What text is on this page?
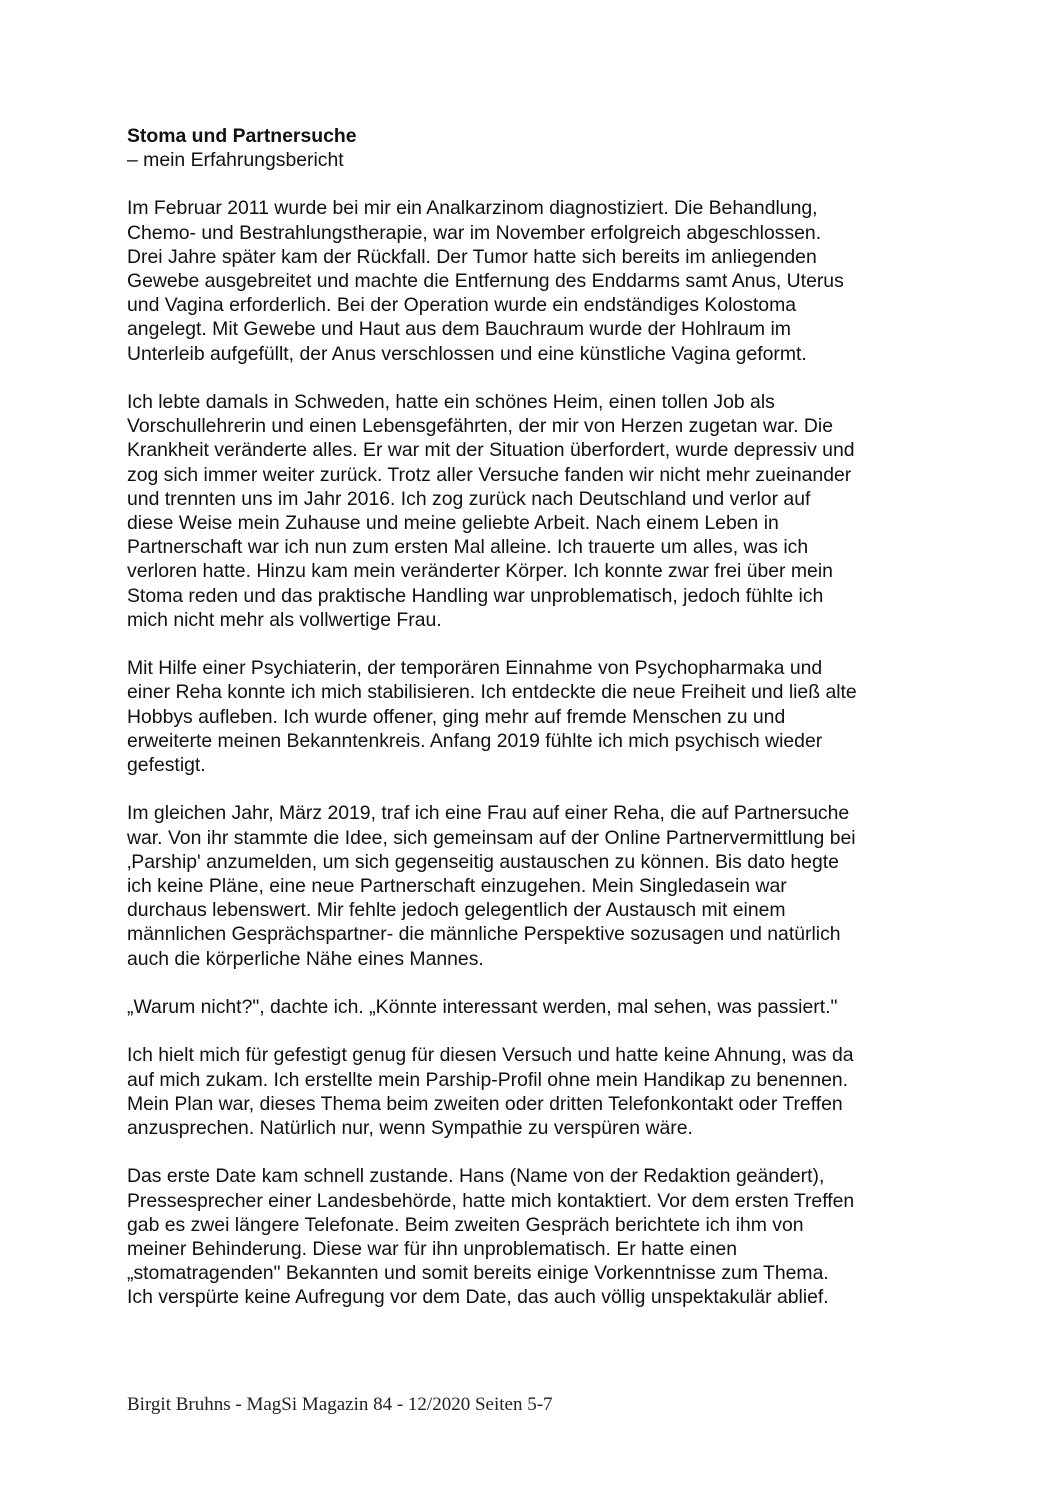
Stoma und Partnersuche

– mein Erfahrungsbericht

Im Februar 2011 wurde bei mir ein Analkarzinom diagnostiziert. Die Behandlung,
Chemo- und Bestrahlungstherapie, war im November erfolgreich abgeschlossen.
Drei Jahre später kam der Rückfall. Der Tumor hatte sich bereits im anliegenden
Gewebe ausgebreitet und machte die Entfernung des Enddarms samt Anus, Uterus
und Vagina erforderlich. Bei der Operation wurde ein endständiges Kolostoma
angelegt. Mit Gewebe und Haut aus dem Bauchraum wurde der Hohlraum im
Unterleib aufgefüllt, der Anus verschlossen und eine künstliche Vagina geformt.

Ich lebte damals in Schweden, hatte ein schönes Heim, einen tollen Job als
Vorschullehrerin und einen Lebensgefährten, der mir von Herzen zugetan war. Die
Krankheit veränderte alles. Er war mit der Situation überfordert, wurde depressiv und
zog sich immer weiter zurück. Trotz aller Versuche fanden wir nicht mehr zueinander
und trennten uns im Jahr 2016. Ich zog zurück nach Deutschland und verlor auf
diese Weise mein Zuhause und meine geliebte Arbeit. Nach einem Leben in
Partnerschaft war ich nun zum ersten Mal alleine. Ich trauerte um alles, was ich
verloren hatte. Hinzu kam mein veränderter Körper. Ich konnte zwar frei über mein
Stoma reden und das praktische Handling war unproblematisch, jedoch fühlte ich
mich nicht mehr als vollwertige Frau.

Mit Hilfe einer Psychiaterin, der temporären Einnahme von Psychopharmaka und
einer Reha konnte ich mich stabilisieren. Ich entdeckte die neue Freiheit und ließ alte
Hobbys aufleben. Ich wurde offener, ging mehr auf fremde Menschen zu und
erweiterte meinen Bekanntenkreis. Anfang 2019 fühlte ich mich psychisch wieder
gefestigt.

Im gleichen Jahr, März 2019, traf ich eine Frau auf einer Reha, die auf Partnersuche
war. Von ihr stammte die Idee, sich gemeinsam auf der Online Partnervermittlung bei
‚Parship' anzumelden, um sich gegenseitig austauschen zu können. Bis dato hegte
ich keine Pläne, eine neue Partnerschaft einzugehen. Mein Singledasein war
durchaus lebenswert. Mir fehlte jedoch gelegentlich der Austausch mit einem
männlichen Gesprächspartner- die männliche Perspektive sozusagen und natürlich
auch die körperliche Nähe eines Mannes.

„Warum nicht?", dachte ich. „Könnte interessant werden, mal sehen, was passiert."

Ich hielt mich für gefestigt genug für diesen Versuch und hatte keine Ahnung, was da
auf mich zukam. Ich erstellte mein Parship-Profil ohne mein Handikap zu benennen.
Mein Plan war, dieses Thema beim zweiten oder dritten Telefonkontakt oder Treffen
anzusprechen. Natürlich nur, wenn Sympathie zu verspüren wäre.

Das erste Date kam schnell zustande. Hans (Name von der Redaktion geändert),
Pressesprecher einer Landesbehörde, hatte mich kontaktiert. Vor dem ersten Treffen
gab es zwei längere Telefonate. Beim zweiten Gespräch berichtete ich ihm von
meiner Behinderung. Diese war für ihn unproblematisch. Er hatte einen
„stomatragenden" Bekannten und somit bereits einige Vorkenntnisse zum Thema.
Ich verspürte keine Aufregung vor dem Date, das auch völlig unspektakulär ablief.

Birgit Bruhns - MagSi Magazin 84 - 12/2020 Seiten 5-7
